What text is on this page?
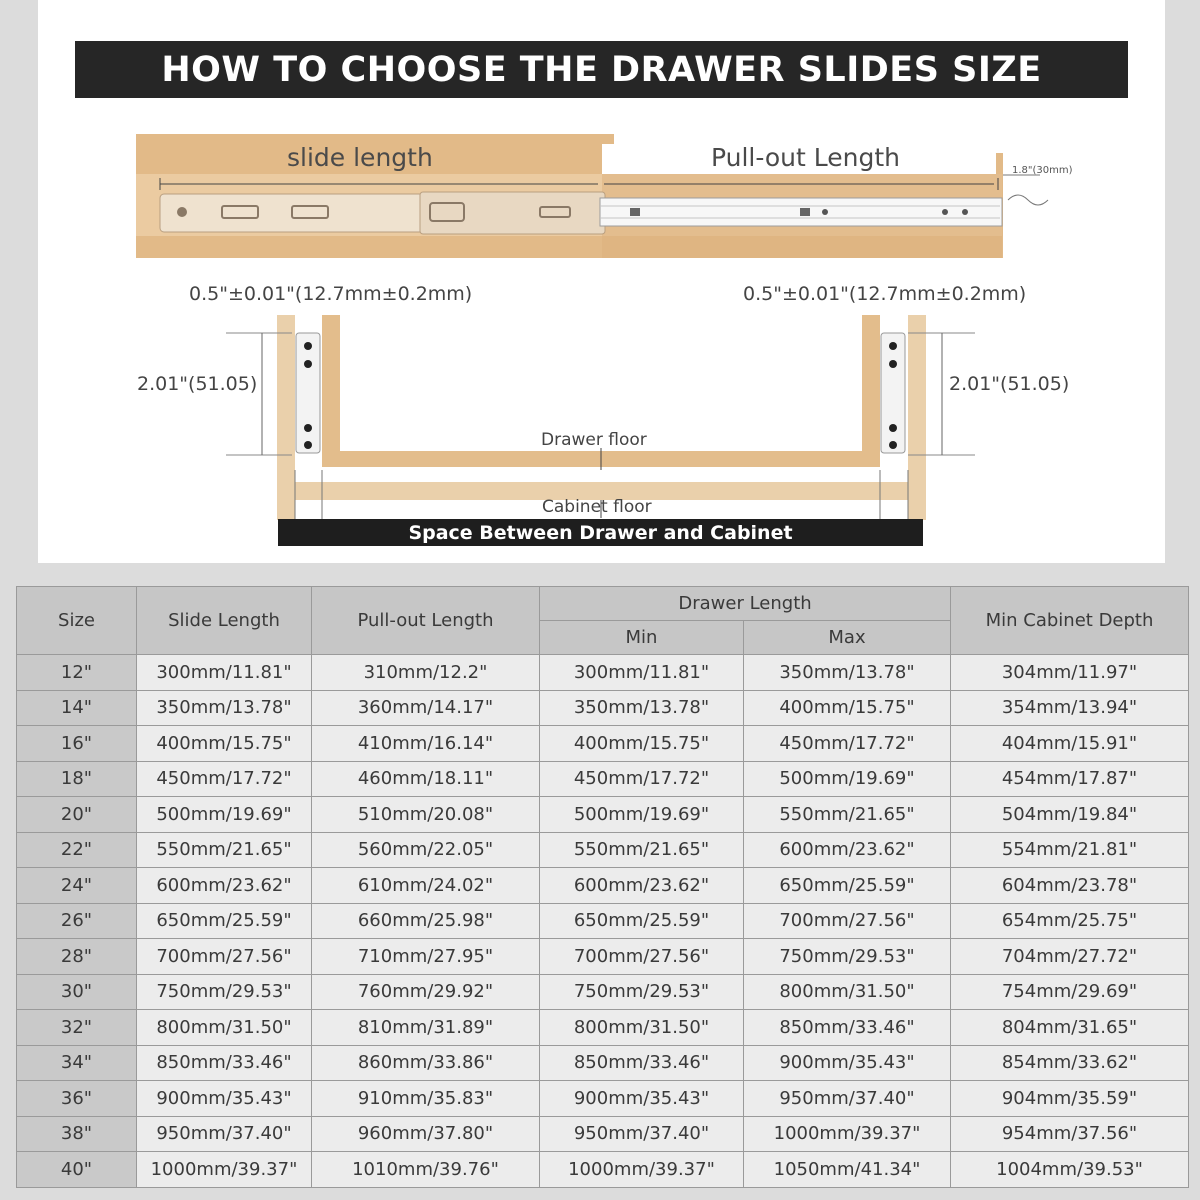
HOW TO CHOOSE THE DRAWER SLIDES SIZE
slide length	Pull-out Length	1.8"(30mm)
0.5"±0.01"(12.7mm±0.2mm)	0.5"±0.01"(12.7mm±0.2mm)
2.01"(51.05)	2.01"(51.05)
Drawer floor
Cabinet floor
Space Between Drawer and Cabinet
Size	Slide Length	Pull-out Length	Drawer Length		Min Cabinet Depth
			Min	Max	
12"	300mm/11.81"	310mm/12.2"	300mm/11.81"	350mm/13.78"	304mm/11.97"
14"	350mm/13.78"	360mm/14.17"	350mm/13.78"	400mm/15.75"	354mm/13.94"
16"	400mm/15.75"	410mm/16.14"	400mm/15.75"	450mm/17.72"	404mm/15.91"
18"	450mm/17.72"	460mm/18.11"	450mm/17.72"	500mm/19.69"	454mm/17.87"
20"	500mm/19.69"	510mm/20.08"	500mm/19.69"	550mm/21.65"	504mm/19.84"
22"	550mm/21.65"	560mm/22.05"	550mm/21.65"	600mm/23.62"	554mm/21.81"
24"	600mm/23.62"	610mm/24.02"	600mm/23.62"	650mm/25.59"	604mm/23.78"
26"	650mm/25.59"	660mm/25.98"	650mm/25.59"	700mm/27.56"	654mm/25.75"
28"	700mm/27.56"	710mm/27.95"	700mm/27.56"	750mm/29.53"	704mm/27.72"
30"	750mm/29.53"	760mm/29.92"	750mm/29.53"	800mm/31.50"	754mm/29.69"
32"	800mm/31.50"	810mm/31.89"	800mm/31.50"	850mm/33.46"	804mm/31.65"
34"	850mm/33.46"	860mm/33.86"	850mm/33.46"	900mm/35.43"	854mm/33.62"
36"	900mm/35.43"	910mm/35.83"	900mm/35.43"	950mm/37.40"	904mm/35.59"
38"	950mm/37.40"	960mm/37.80"	950mm/37.40"	1000mm/39.37"	954mm/37.56"
40"	1000mm/39.37"	1010mm/39.76"	1000mm/39.37"	1050mm/41.34"	1004mm/39.53"
